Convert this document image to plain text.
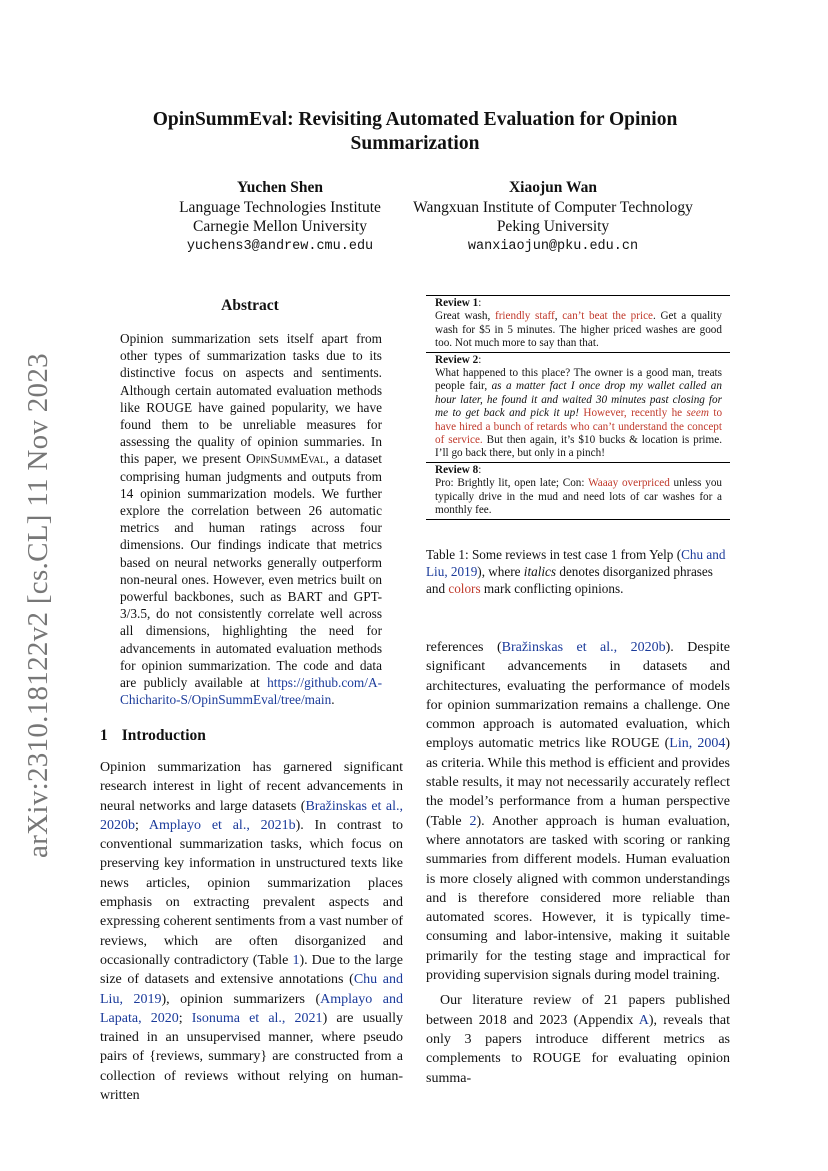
arXiv:2310.18122v2 [cs.CL] 11 Nov 2023
OpinSummEval: Revisiting Automated Evaluation for Opinion
Summarization
Yuchen Shen
Language Technologies Institute
Carnegie Mellon University
yuchens3@andrew.cmu.edu
Xiaojun Wan
Wangxuan Institute of Computer Technology
Peking University
wanxiaojun@pku.edu.cn
Abstract
Opinion summarization sets itself apart from other types of summarization tasks due to its distinctive focus on aspects and sentiments. Although certain automated evaluation methods like ROUGE have gained popularity, we have found them to be unreliable measures for assessing the quality of opinion summaries. In this paper, we present OpinSummEval, a dataset comprising human judgments and outputs from 14 opinion summarization models. We further explore the correlation between 26 automatic metrics and human ratings across four dimensions. Our findings indicate that metrics based on neural networks generally outperform non-neural ones. However, even metrics built on powerful backbones, such as BART and GPT-3/3.5, do not consistently correlate well across all dimensions, highlighting the need for advancements in automated evaluation methods for opinion summarization. The code and data are publicly available at https://github.com/A-Chicharito-S/OpinSummEval/tree/main.
1 Introduction

Opinion summarization has garnered significant research interest in light of recent advancements in neural networks and large datasets (Bražinskas et al., 2020b; Amplayo et al., 2021b). In contrast to conventional summarization tasks, which focus on preserving key information in unstructured texts like news articles, opinion summarization places emphasis on extracting prevalent aspects and expressing coherent sentiments from a vast number of reviews, which are often disorganized and occasionally contradictory (Table 1). Due to the large size of datasets and extensive annotations (Chu and Liu, 2019), opinion summarizers (Amplayo and Lapata, 2020; Isonuma et al., 2021) are usually trained in an unsupervised manner, where pseudo pairs of {reviews, summary} are constructed from a collection of reviews without relying on human-written

Review 1:
Great wash, friendly staff, can’t beat the price. Get a quality wash for $5 in 5 minutes. The higher priced washes are good too. Not much more to say than that.
Review 2:
What happened to this place? The owner is a good man, treats people fair, as a matter fact I once drop my wallet called an hour later, he found it and waited 30 minutes past closing for me to get back and pick it up! However, recently he seem to have hired a bunch of retards who can’t understand the concept of service. But then again, it’s $10 bucks & location is prime. I’ll go back there, but only in a pinch!
Review 8:
Pro: Brightly lit, open late; Con: Waaay overpriced unless you typically drive in the mud and need lots of car washes for a monthly fee.
Table 1: Some reviews in test case 1 from Yelp (Chu and Liu, 2019), where italics denotes disorganized phrases and colors mark conflicting opinions.

references (Bražinskas et al., 2020b). Despite significant advancements in datasets and architectures, evaluating the performance of models for opinion summarization remains a challenge. One common approach is automated evaluation, which employs automatic metrics like ROUGE (Lin, 2004) as criteria. While this method is efficient and provides stable results, it may not necessarily accurately reflect the model’s performance from a human perspective (Table 2). Another approach is human evaluation, where annotators are tasked with scoring or ranking summaries from different models. Human evaluation is more closely aligned with common understandings and is therefore considered more reliable than automated scores. However, it is typically time-consuming and labor-intensive, making it suitable primarily for the testing stage and impractical for providing supervision signals during model training.

Our literature review of 21 papers published between 2018 and 2023 (Appendix A), reveals that only 3 papers introduce different metrics as complements to ROUGE for evaluating opinion summa-
